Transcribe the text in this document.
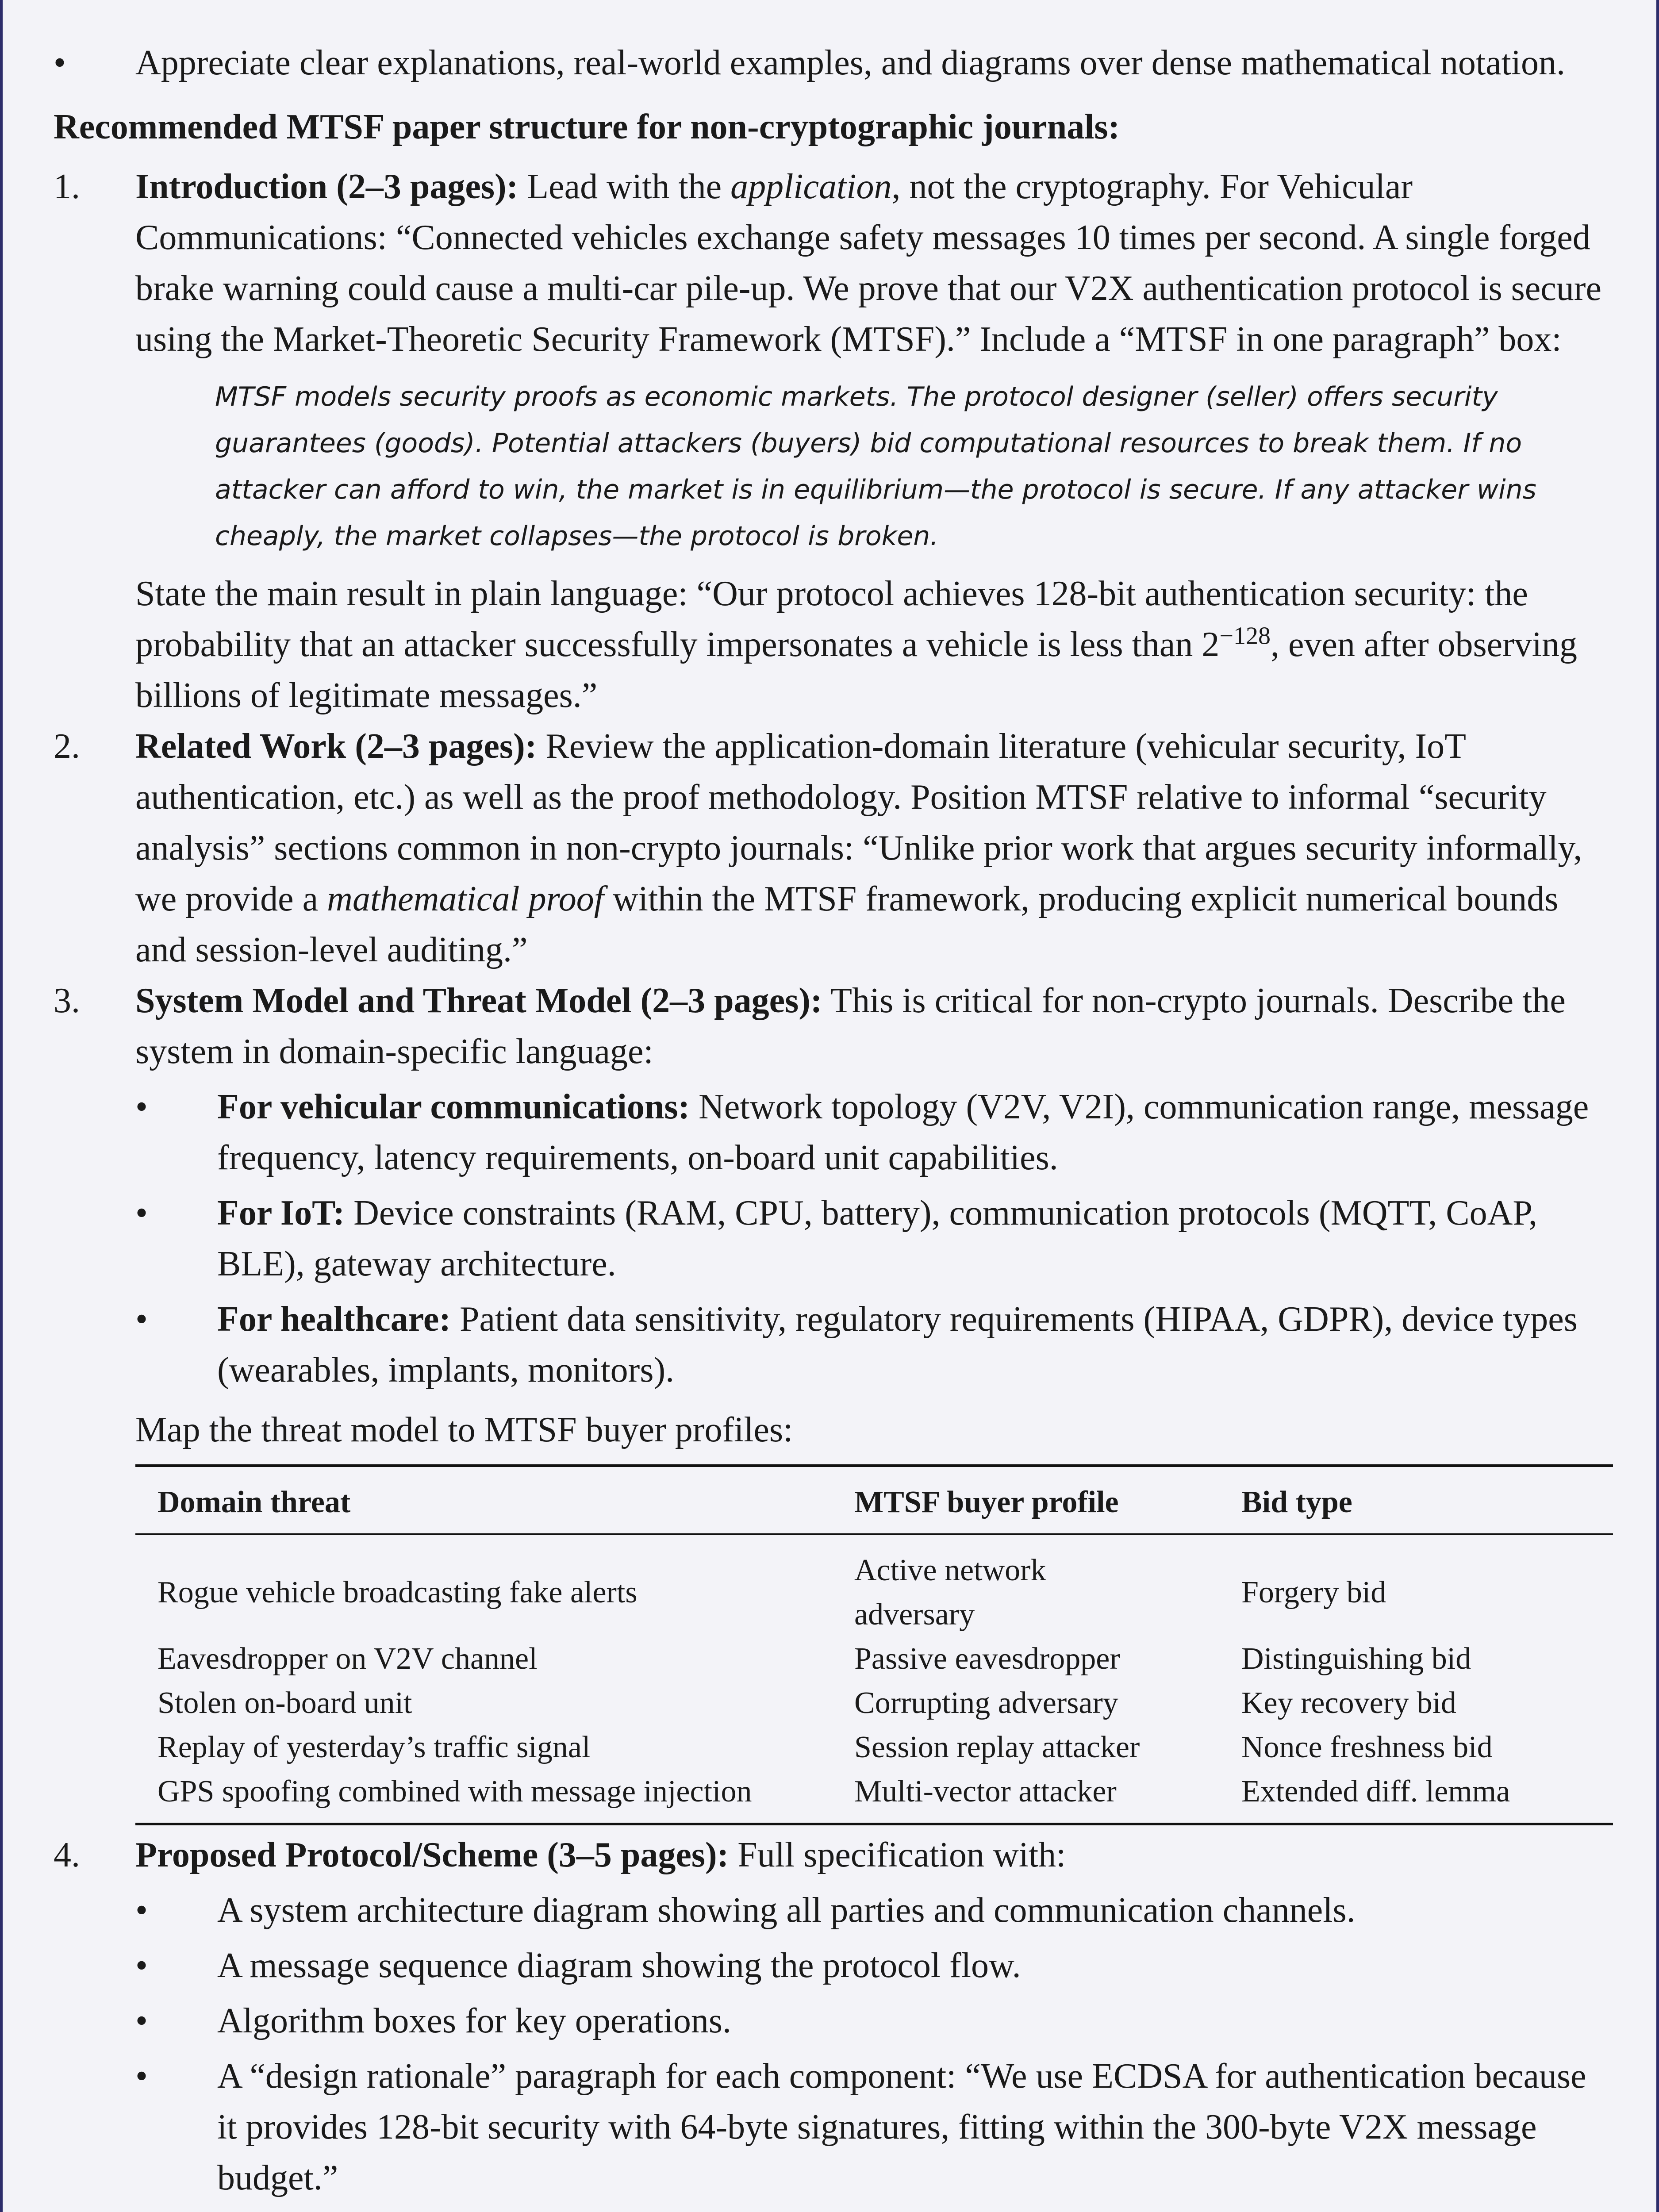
•	Appreciate clear explanations, real-world examples, and diagrams over dense mathematical notation.

Recommended MTSF paper structure for non-cryptographic journals:

1. Introduction (2–3 pages): Lead with the application, not the cryptography. For Vehicular Communications: “Connected vehicles exchange safety messages 10 times per second. A single forged brake warning could cause a multi-car pile-up. We prove that our V2X authentication protocol is secure using the Market-Theoretic Security Framework (MTSF).” Include a “MTSF in one paragraph” box:

MTSF models security proofs as economic markets. The protocol designer (seller) offers security guarantees (goods). Potential attackers (buyers) bid computational resources to break them. If no attacker can afford to win, the market is in equilibrium—the protocol is secure. If any attacker wins cheaply, the market collapses—the protocol is broken.

State the main result in plain language: “Our protocol achieves 128-bit authentication security: the probability that an attacker successfully impersonates a vehicle is less than $2^{-128}$, even after observing billions of legitimate messages.”

2. Related Work (2–3 pages): Review the application-domain literature (vehicular security, IoT authentication, etc.) as well as the proof methodology. Position MTSF relative to informal “security analysis” sections common in non-crypto journals: “Unlike prior work that argues security informally, we provide a mathematical proof within the MTSF framework, producing explicit numerical bounds and session-level auditing.”

3. System Model and Threat Model (2–3 pages): This is critical for non-crypto journals. Describe the system in domain-specific language:

• For vehicular communications: Network topology (V2V, V2I), communication range, message frequency, latency requirements, on-board unit capabilities.
• For IoT: Device constraints (RAM, CPU, battery), communication protocols (MQTT, CoAP, BLE), gateway architecture.
• For healthcare: Patient data sensitivity, regulatory requirements (HIPAA, GDPR), device types (wearables, implants, monitors).

Map the threat model to MTSF buyer profiles:

Domain threat	MTSF buyer profile	Bid type
Rogue vehicle broadcasting fake alerts	Active network adversary	Forgery bid
Eavesdropper on V2V channel	Passive eavesdropper	Distinguishing bid
Stolen on-board unit	Corrupting adversary	Key recovery bid
Replay of yesterday’s traffic signal	Session replay attacker	Nonce freshness bid
GPS spoofing combined with message injection	Multi-vector attacker	Extended diff. lemma
4. Proposed Protocol/Scheme (3–5 pages): Full specification with:

• A system architecture diagram showing all parties and communication channels.
• A message sequence diagram showing the protocol flow.
• Algorithm boxes for key operations.
• A “design rationale” paragraph for each component: “We use ECDSA for authentication because it provides 128-bit security with 64-byte signatures, fitting within the 300-byte V2X message budget.”
